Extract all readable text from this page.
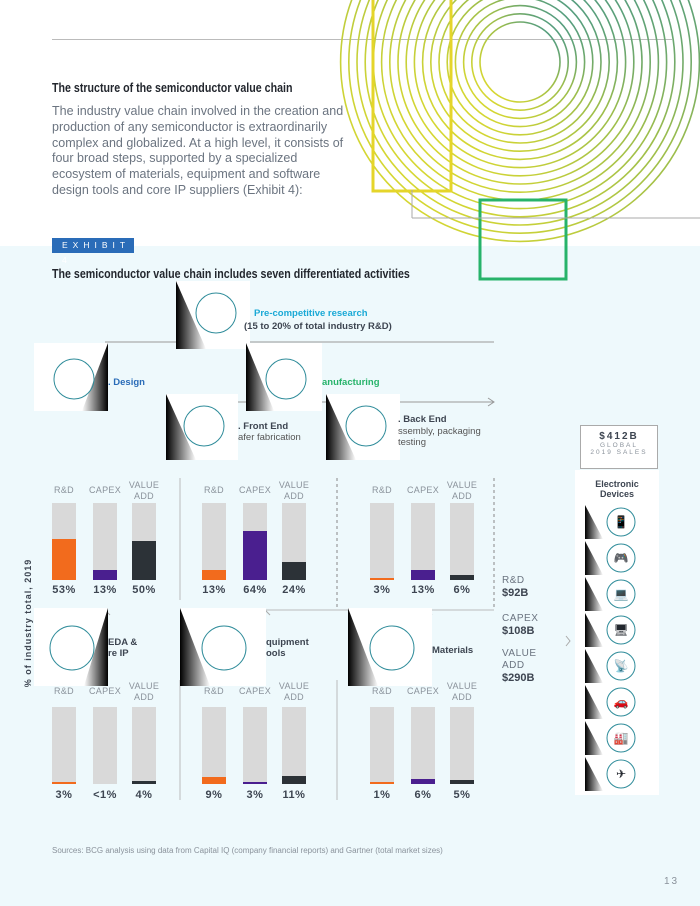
The structure of the semiconductor value chain
The industry value chain involved in the creation and production of any semiconductor is extraordinarily complex and globalized. At a high level, it consists of four broad steps, supported by a specialized ecosystem of materials, equipment and software design tools and core IP suppliers (Exhibit 4):
EXHIBIT 4
The semiconductor value chain includes seven differentiated activities
Pre-competitive research
(15 to 20% of total industry R&D)
. Design	anufacturing
. Front End
afer fabrication
. Back End
ssembly, packaging
testing
EDA &
re IP
quipment
ools	Materials
% of industry total, 2019
R&D
53%
CAPEX
13%
VALUE
ADD
50%
R&D
13%
CAPEX
64%
VALUE
ADD
24%
R&D
3%
CAPEX
13%
VALUE
ADD
6%
R&D
3%
CAPEX
<1%
VALUE
ADD
4%
R&D
9%
CAPEX
3%
VALUE
ADD
11%
R&D
1%
CAPEX
6%
VALUE
ADD
5%
R&D
$92B
CAPEX
$108B
VALUE
ADD
$290B
$412B
GLOBAL
2019 SALES
Electronic
Devices
📱
🎮
💻
🖥
📡
🚗
🏭
✈
Sources: BCG analysis using data from Capital IQ (company financial reports) and Gartner (total market sizes)
13
